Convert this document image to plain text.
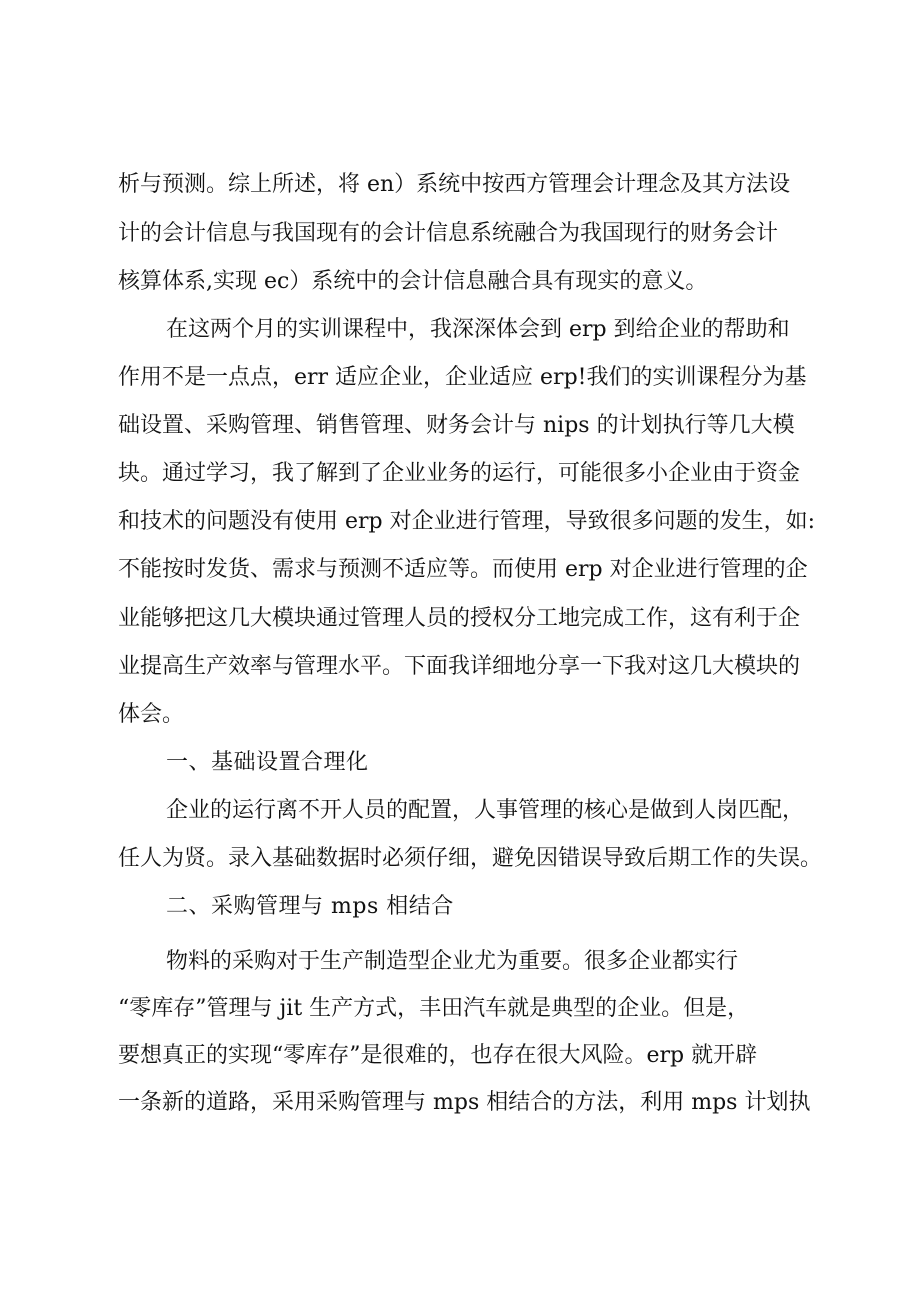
析与预测。综上所述，将 en）系统中按西方管理会计理念及其方法设

计的会计信息与我国现有的会计信息系统融合为我国现行的财务会计

核算体系,实现 ec）系统中的会计信息融合具有现实的意义。

在这两个月的实训课程中，我深深体会到 erp 到给企业的帮助和

作用不是一点点，err 适应企业，企业适应 erp!我们的实训课程分为基

础设置、采购管理、销售管理、财务会计与 nips 的计划执行等几大模

块。通过学习，我了解到了企业业务的运行，可能很多小企业由于资金

和技术的问题没有使用 erp 对企业进行管理，导致很多问题的发生，如:

不能按时发货、需求与预测不适应等。而使用 erp 对企业进行管理的企

业能够把这几大模块通过管理人员的授权分工地完成工作，这有利于企

业提高生产效率与管理水平。下面我详细地分享一下我对这几大模块的

体会。

一、基础设置合理化

企业的运行离不开人员的配置，人事管理的核心是做到人岗匹配，

任人为贤。录入基础数据时必须仔细，避免因错误导致后期工作的失误。

二、采购管理与 mps 相结合

物料的采购对于生产制造型企业尤为重要。很多企业都实行

“零库存”管理与 jit 生产方式，丰田汽车就是典型的企业。但是，

要想真正的实现“零库存”是很难的，也存在很大风险。erp 就开辟

一条新的道路，采用采购管理与 mps 相结合的方法，利用 mps 计划执
